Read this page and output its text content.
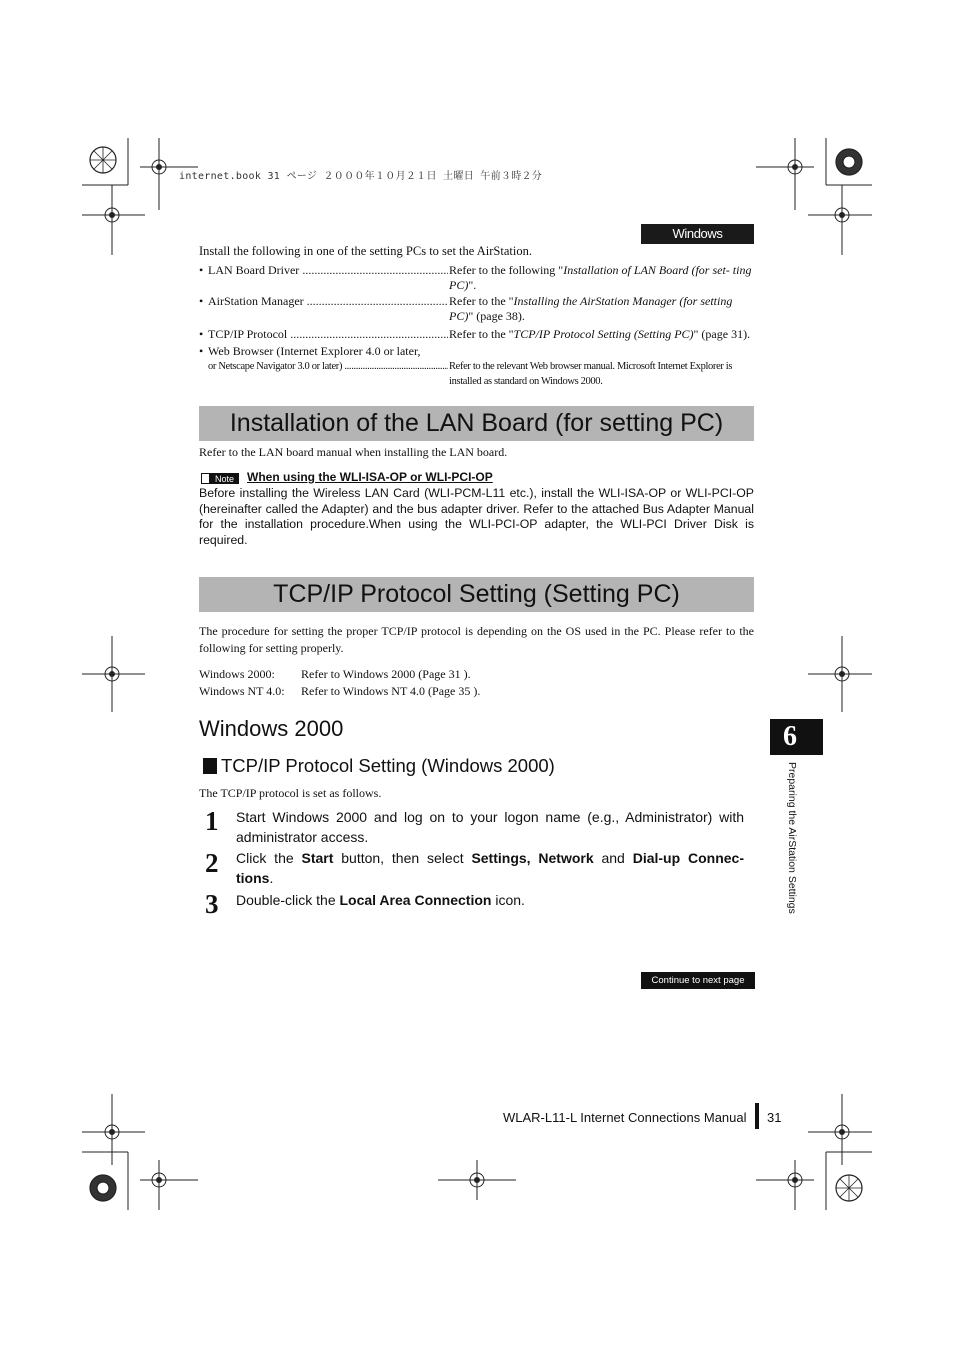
internet.book 31 ページ ２０００年１０月２１日 土曜日 午前３時２分
Windows 2000/NT4.0
Install the following in one of the setting PCs to set the AirStation.
• LAN Board Driver .....	Refer to the following "Installation of LAN Board (for set- ting PC)".
• AirStation Manager .....	Refer to the "Installing the AirStation Manager (for setting PC)" (page 38).
• TCP/IP Protocol .....	Refer to the "TCP/IP Protocol Setting (Setting PC)" (page 31).
• Web Browser (Internet Explorer 4.0 or later,
or Netscape Navigator 3.0 or later) .....	Refer to the relevant Web browser manual. Microsoft Internet Explorer is installed as standard on Windows 2000.
Installation of the LAN Board (for setting PC)
Refer to the LAN board manual when installing the LAN board.
Note When using the WLI-ISA-OP or WLI-PCI-OP
Before installing the Wireless LAN Card (WLI-PCM-L11 etc.), install the WLI-ISA-OP or WLI-PCI-OP (hereinafter called the Adapter) and the bus adapter driver. Refer to the attached Bus Adapter Manual for the installation procedure.When using the WLI-PCI-OP adapter, the WLI-PCI Driver Disk is required.
TCP/IP Protocol Setting (Setting PC)
The procedure for setting the proper TCP/IP protocol is depending on the OS used in the PC. Please refer to the following for setting properly.
Windows 2000: Refer to Windows 2000 (Page 31 ).
Windows NT 4.0: Refer to Windows NT 4.0 (Page 35 ).
Windows 2000
TCP/IP Protocol Setting (Windows 2000)
The TCP/IP protocol is set as follows.
1 Start Windows 2000 and log on to your logon name (e.g., Administrator) with administrator access.
2 Click the Start button, then select Settings, Network and Dial-up Connec- tions.
3 Double-click the Local Area Connection icon.
6
Preparing the AirStation Settings
Continue to next page
WLAR-L11-L Internet Connections Manual 31
